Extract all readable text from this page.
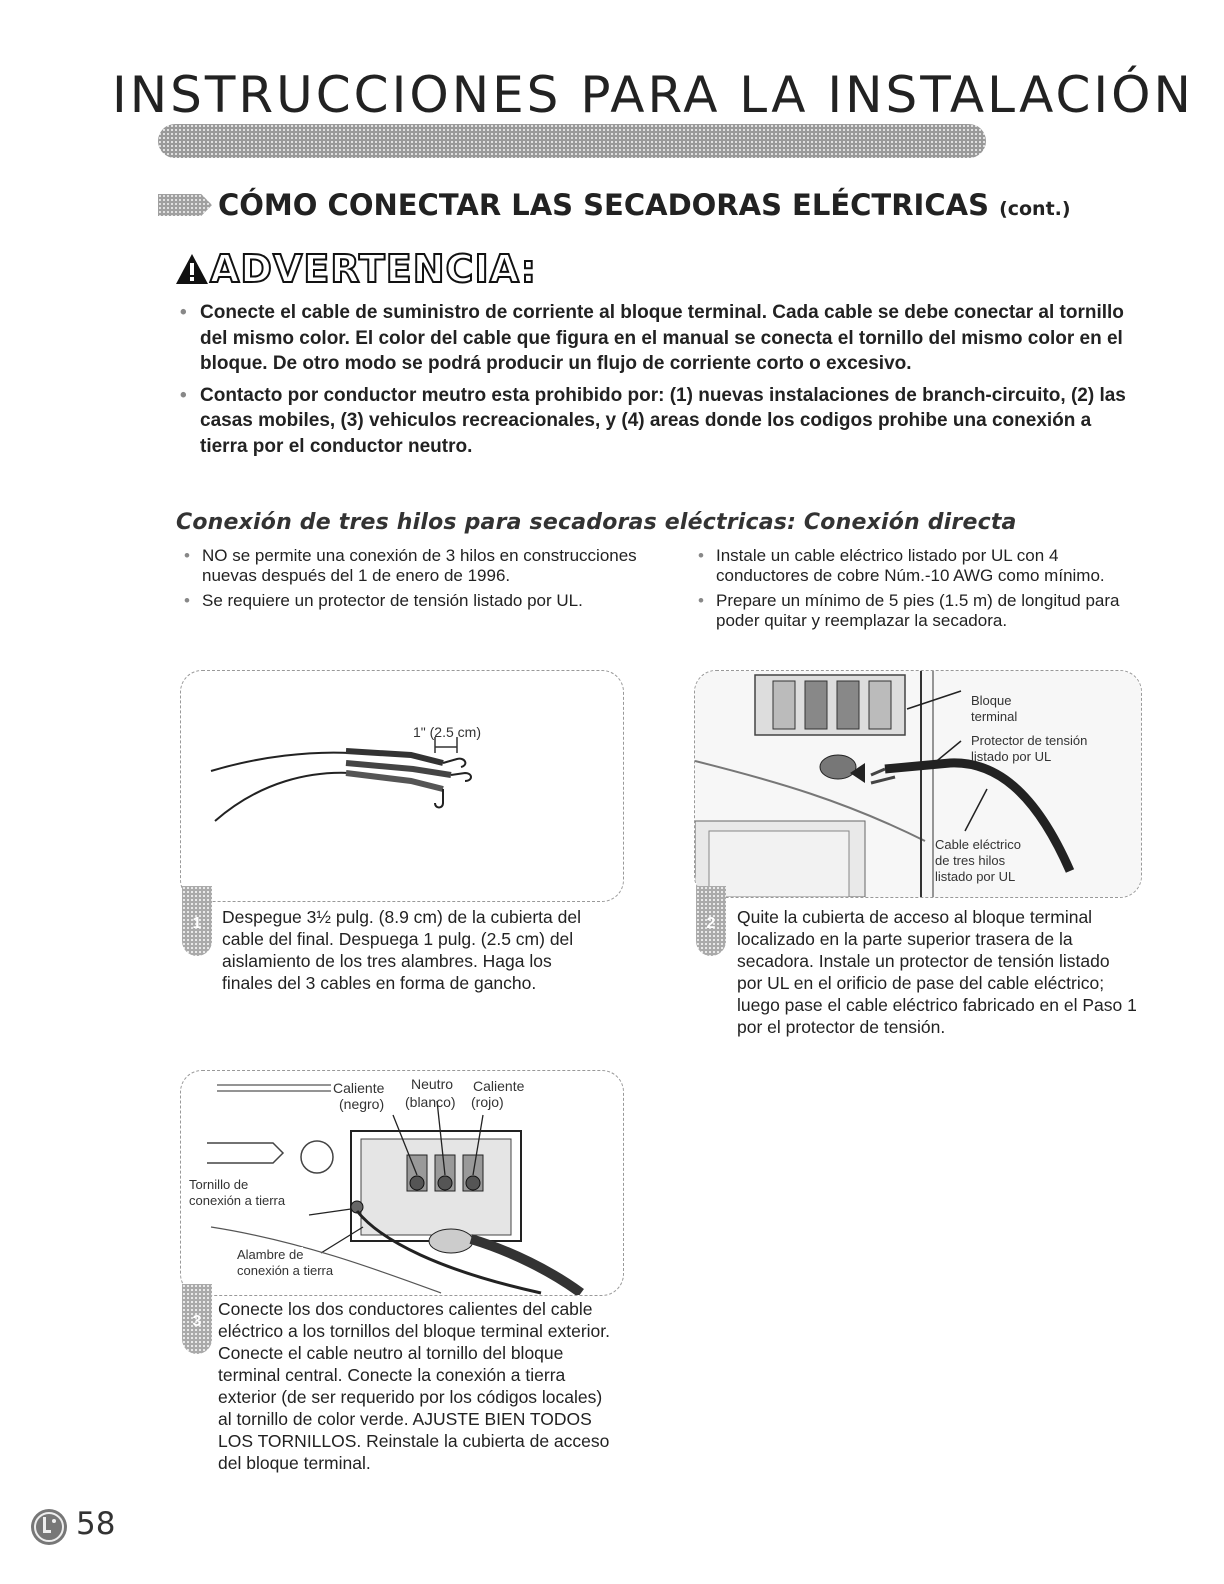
INSTRUCCIONES PARA LA INSTALACIÓN
CÓMO CONECTAR LAS SECADORAS ELÉCTRICAS (cont.)
ADVERTENCIA:
• Conecte el cable de suministro de corriente al bloque terminal. Cada cable se debe conectar al tornillo del mismo color. El color del cable que figura en el manual se conecta el tornillo del mismo color en el bloque. De otro modo se podrá producir un flujo de corriente corto o excesivo.
• Contacto por conductor meutro esta prohibido por: (1) nuevas instalaciones de branch-circuito, (2) las casas mobiles, (3) vehiculos recreacionales, y (4) areas donde los codigos prohibe una conexión a tierra por el conductor neutro.
Conexión de tres hilos para secadoras eléctricas: Conexión directa
• NO se permite una conexión de 3 hilos en construcciones nuevas después del 1 de enero de 1996.
• Se requiere un protector de tensión listado por UL.
• Instale un cable eléctrico listado por UL con 4 conductores de cobre Núm.-10 AWG como mínimo.
• Prepare un mínimo de 5 pies (1.5 m) de longitud para poder quitar y reemplazar la secadora.
1" (2.5 cm)
1	Despegue 3½ pulg. (8.9 cm) de la cubierta del cable del final. Despuega 1 pulg. (2.5 cm) del aislamiento de los tres alambres. Haga los finales del 3 cables en forma de gancho.
Bloque
terminal
Protector de tensión
listado por UL
Cable eléctrico
de tres hilos
listado por UL
2	Quite la cubierta de acceso al bloque terminal localizado en la parte superior trasera de la secadora. Instale un protector de tensión listado por UL en el orificio de pase del cable eléctrico; luego pase el cable eléctrico fabricado en el Paso 1 por el protector de tensión.
Caliente
(negro)
Neutro
(blanco)
Caliente
(rojo)
Tornillo de
conexión a tierra
Alambre de
conexión a tierra
3
Conecte los dos conductores calientes del cable eléctrico a los tornillos del bloque terminal exterior. Conecte el cable neutro al tornillo del bloque terminal central. Conecte la conexión a tierra exterior (de ser requerido por los códigos locales) al tornillo de color verde. AJUSTE BIEN TODOS LOS TORNILLOS. Reinstale la cubierta de acceso del bloque terminal.
58
